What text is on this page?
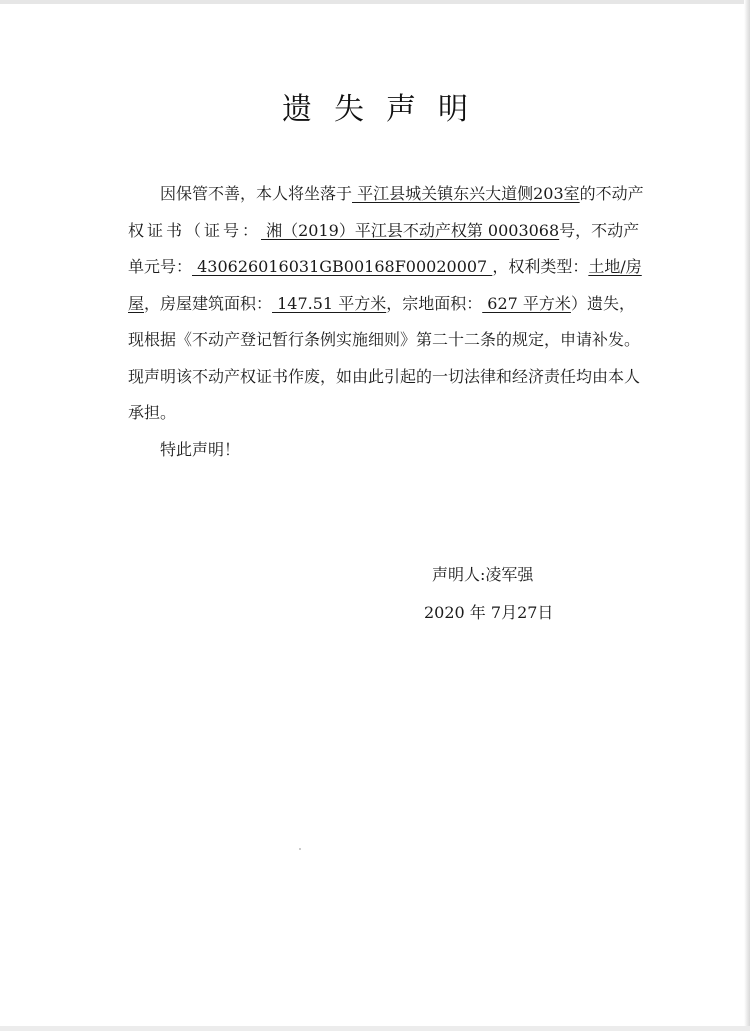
遗失声明

因保管不善，本人将坐落于 平江县城关镇东兴大道侧203室的不动产权证书（证号： 湘（2019）平江县不动产权第 0003068号，不动产单元号： 430626016031GB00168F00020007 ，权利类型：土地/房屋，房屋建筑面积： 147.51 平方米，宗地面积： 627 平方米）遗失，现根据《不动产登记暂行条例实施细则》第二十二条的规定，申请补发。现声明该不动产权证书作废，如由此引起的一切法律和经济责任均由本人承担。

特此声明！

声明人:凌军强
2020 年 7月27日
